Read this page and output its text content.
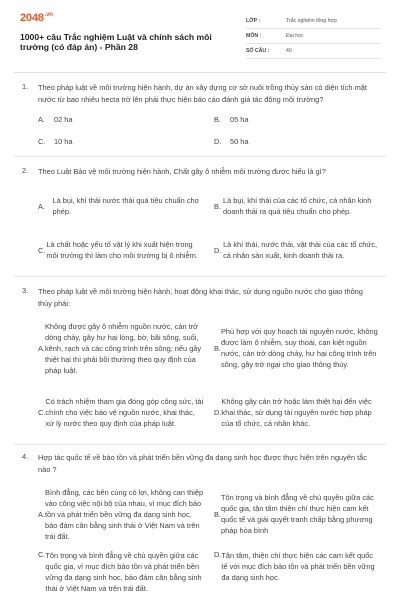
$2048^{.vn}$
1000+ câu Trắc nghiệm Luật và chính sách môi trường (có đáp án) - Phần 28
LỚP :	Trắc nghiệm tổng hợp
MÔN :	Đại học
SỐ CÂU :	40
1.	Theo pháp luật về môi trường hiện hành, dự án xây dựng cơ sở nuôi trồng thủy sản có diện tích mặt nước từ bao nhiêu hecta trở lên phải thực hiện báo cáo đánh giá tác động môi trường?
A.	02 ha	B.	05 ha
C.	10 ha	D.	50 ha
2.	Theo Luật Bảo vệ môi trường hiện hành, Chất gây ô nhiễm môi trường được hiểu là gì?
A.
Là bụi, khí thải nước thải quá tiêu chuẩn cho phép.
B.
Là bụi, khí thải của các tổ chức, cá nhân kinh doanh thải ra quá tiêu chuẩn cho phép.
C.
Là chất hoặc yếu tố vật lý khi xuất hiện trong môi trường thì làm cho môi trường bị ô nhiễm.
D.
Là khí thải, nước thải, vật thải của các tổ chức, cá nhân sản xuất, kinh doanh thải ra.
3.	Theo pháp luật về môi trường hiện hành, hoạt động khai thác, sử dụng nguồn nước cho giao thông thủy phải:
A.
Không được gây ô nhiễm nguồn nước, cản trở dòng chảy, gây hư hại lòng, bờ, bãi sông, suối, kênh, rạch và các công trình trên sông; nếu gây thiệt hại thì phải bồi thường theo quy định của pháp luật.
B.
Phù hợp với quy hoạch tài nguyên nước, không được làm ô nhiễm, suy thoái, cạn kiệt nguồn nước, cản trở dòng chảy, hư hại công trình trên sông, gây trở ngại cho giao thông thủy.
C.
Có trách nhiệm tham gia đóng góp công sức, tài chính cho việc bảo vệ nguồn nước, khai thác, xử lý nước theo quy định của pháp luật.
D.
Không gây cản trở hoặc làm thiệt hại đến việc khai thác, sử dụng tài nguyên nước hợp pháp của tổ chức, cá nhân khác.
4.	Hợp tác quốc tế về bảo tồn và phát triển bền vững đa dạng sinh học được thực hiện trên nguyên tắc nào ?
A.
Bình đẳng, các bên cùng có lợi, không can thiệp vào công việc nội bộ của nhau, vì mục đích bảo tồn và phát triển bền vững đa dạng sinh học, bảo đảm cân bằng sinh thái ở Việt Nam và trên trái đất.
B.
Tôn trọng và bình đẳng về chủ quyền giữa các quốc gia, tận tâm thiện chí thực hiện cam kết quốc tế và giải quyết tranh chấp bằng phương pháp hòa bình
C. Tôn trọng và bình đẳng về chủ quyền giữa các quốc gia, vì mục đích bảo tồn và phát triển bền vững đa dạng sinh học, bảo đảm cân bằng sinh thái ở Việt Nam và trên trái đất.
D. Tận tâm, thiện chí thực hiện các cam kết quốc tế với mục đích bảo tồn và phát triển bền vững đa dạng sinh học.
